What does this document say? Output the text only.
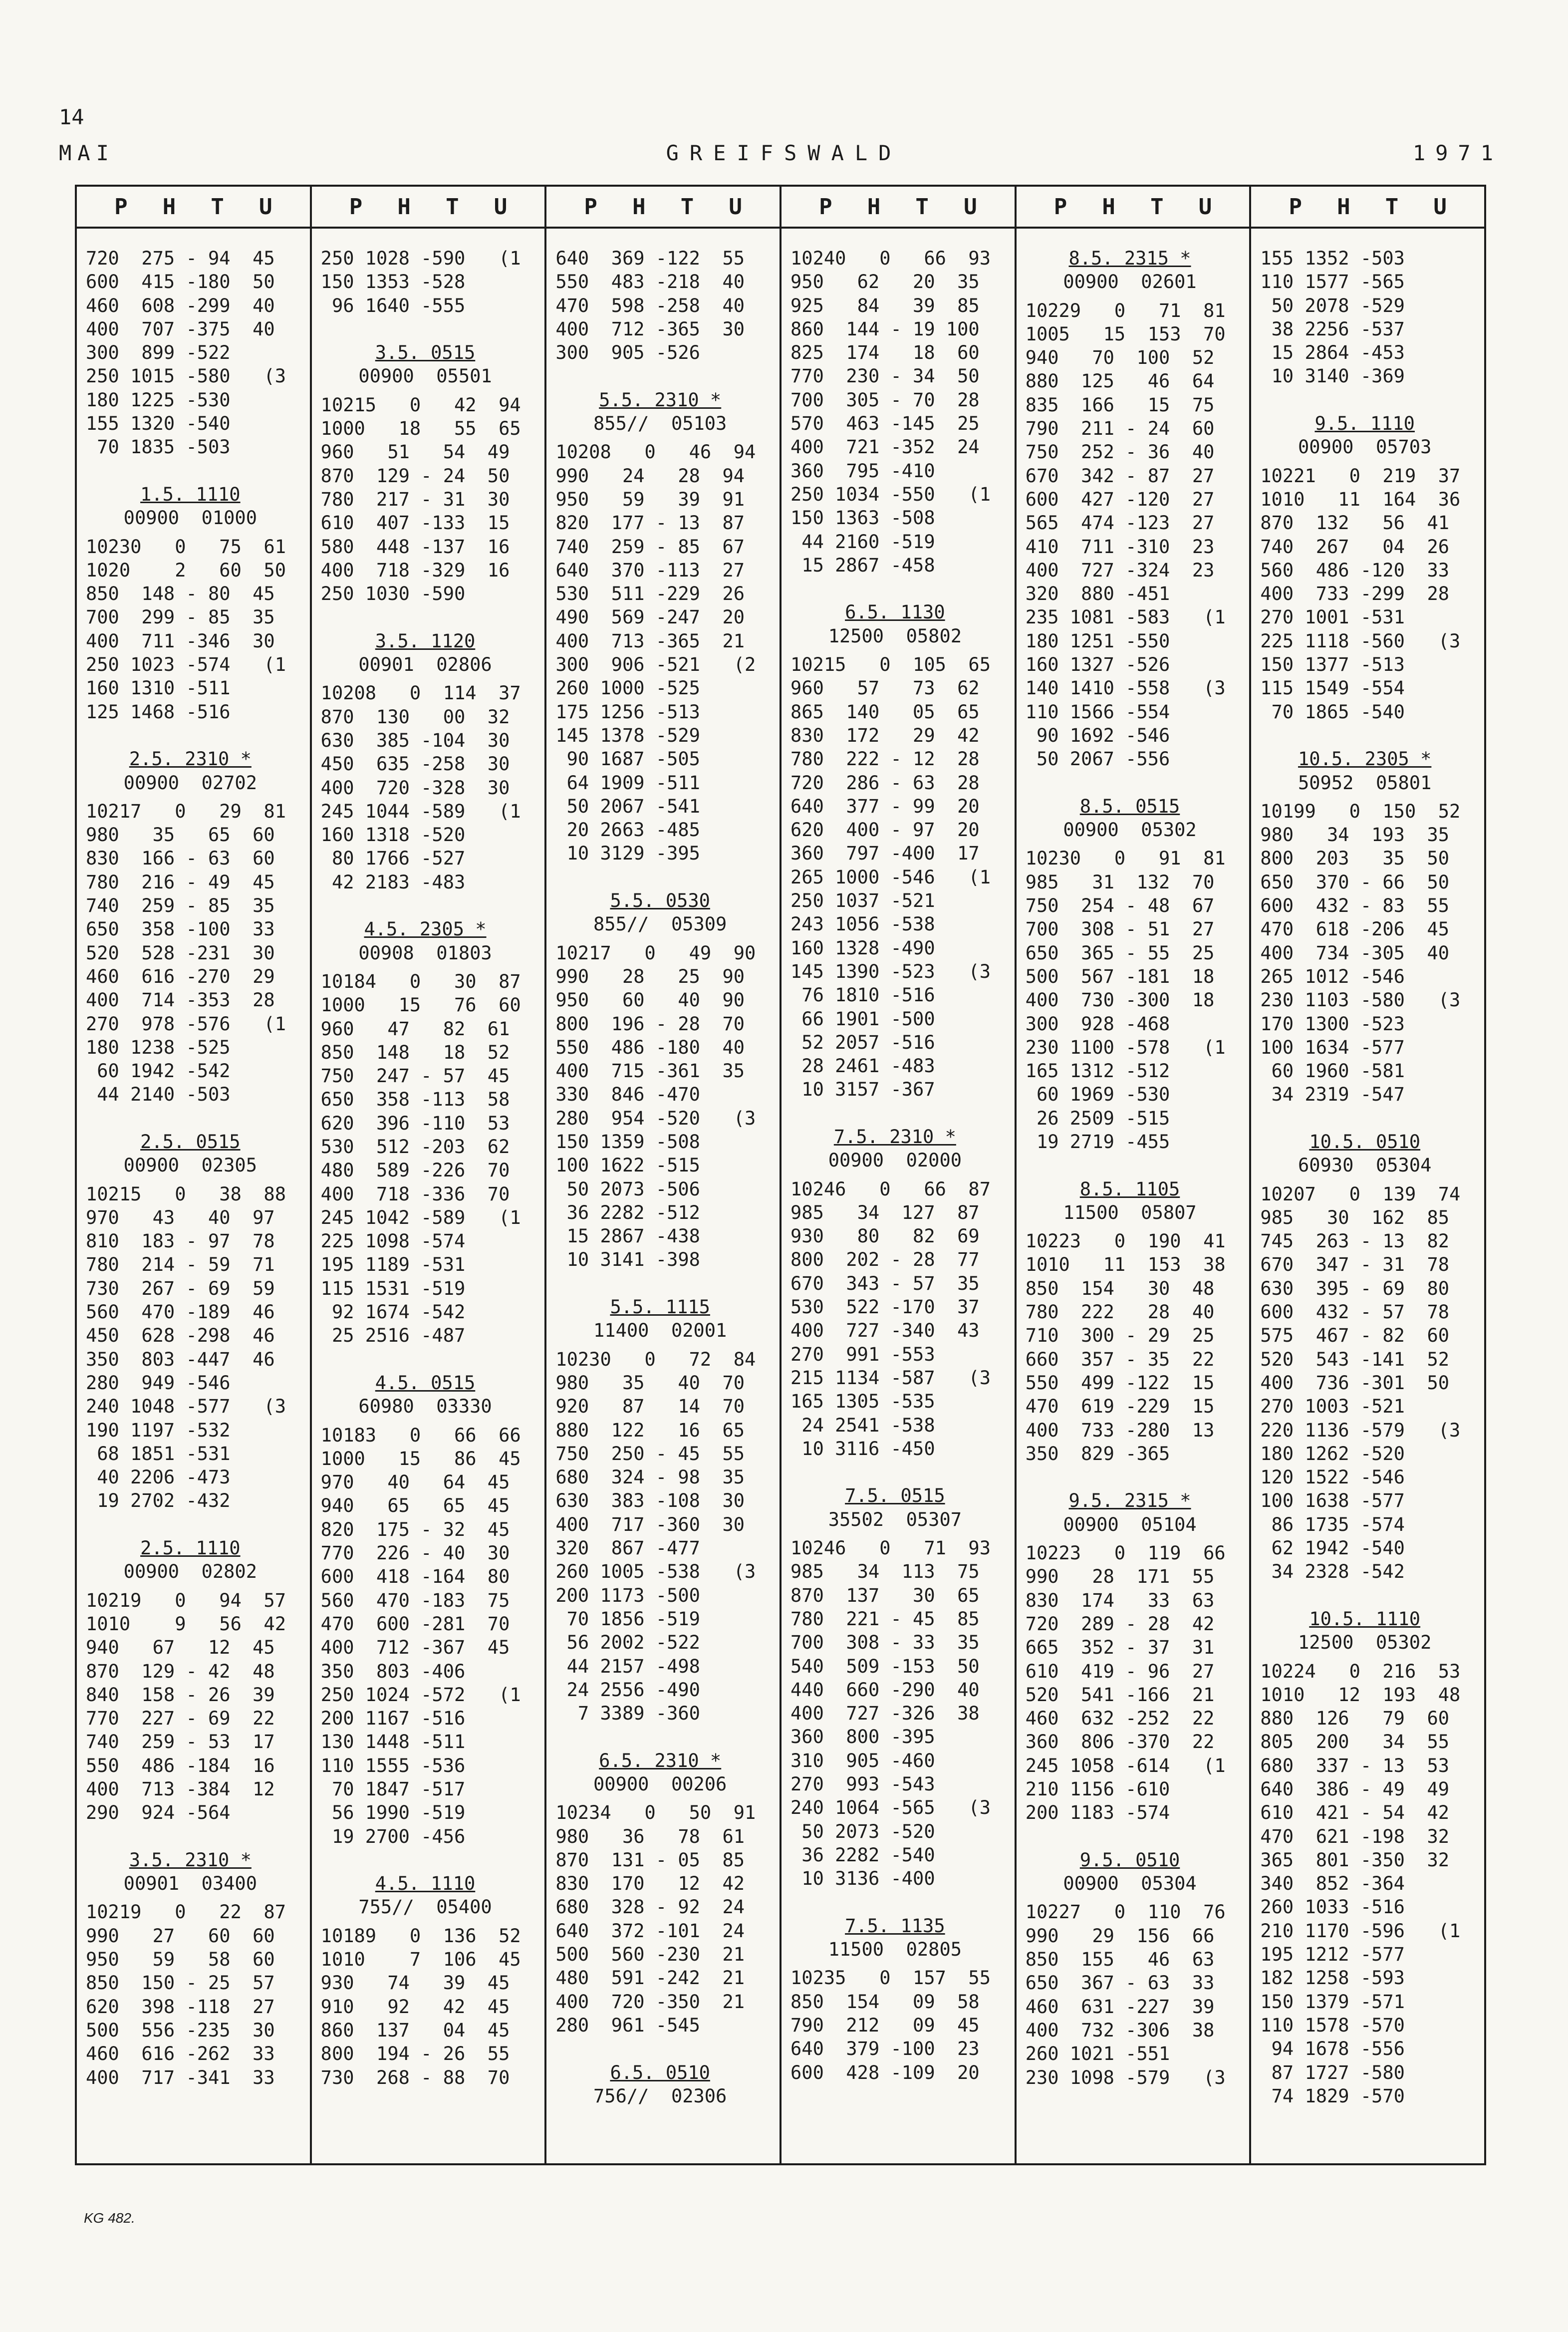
14
MAI	GREIFSWALD	1971
P H T U
720  275 - 94  45
600  415 -180  50
460  608 -299  40
400  707 -375  40
300  899 -522
250 1015 -580   (3
180 1225 -530
155 1320 -540
70 1835 -503
1.5. 1110
00900  01000
10230   0   75  61
1020    2   60  50
850  148 - 80  45
700  299 - 85  35
400  711 -346  30
250 1023 -574   (1
160 1310 -511
125 1468 -516
2.5. 2310 *
00900  02702
10217   0   29  81
980   35   65  60
830  166 - 63  60
780  216 - 49  45
740  259 - 85  35
650  358 -100  33
520  528 -231  30
460  616 -270  29
400  714 -353  28
270  978 -576   (1
180 1238 -525
60 1942 -542
44 2140 -503
2.5. 0515
00900  02305
10215   0   38  88
970   43   40  97
810  183 - 97  78
780  214 - 59  71
730  267 - 69  59
560  470 -189  46
450  628 -298  46
350  803 -447  46
280  949 -546
240 1048 -577   (3
190 1197 -532
68 1851 -531
40 2206 -473
19 2702 -432
2.5. 1110
00900  02802
10219   0   94  57
1010    9   56  42
940   67   12  45
870  129 - 42  48
840  158 - 26  39
770  227 - 69  22
740  259 - 53  17
550  486 -184  16
400  713 -384  12
290  924 -564
3.5. 2310 *
00901  03400
10219   0   22  87
990   27   60  60
950   59   58  60
850  150 - 25  57
620  398 -118  27
500  556 -235  30
460  616 -262  33
400  717 -341  33
P H T U
250 1028 -590   (1
150 1353 -528
96 1640 -555
3.5. 0515
00900  05501
10215   0   42  94
1000   18   55  65
960   51   54  49
870  129 - 24  50
780  217 - 31  30
610  407 -133  15
580  448 -137  16
400  718 -329  16
250 1030 -590
3.5. 1120
00901  02806
10208   0  114  37
870  130   00  32
630  385 -104  30
450  635 -258  30
400  720 -328  30
245 1044 -589   (1
160 1318 -520
80 1766 -527
42 2183 -483
4.5. 2305 *
00908  01803
10184   0   30  87
1000   15   76  60
960   47   82  61
850  148   18  52
750  247 - 57  45
650  358 -113  58
620  396 -110  53
530  512 -203  62
480  589 -226  70
400  718 -336  70
245 1042 -589   (1
225 1098 -574
195 1189 -531
115 1531 -519
92 1674 -542
25 2516 -487
4.5. 0515
60980  03330
10183   0   66  66
1000   15   86  45
970   40   64  45
940   65   65  45
820  175 - 32  45
770  226 - 40  30
600  418 -164  80
560  470 -183  75
470  600 -281  70
400  712 -367  45
350  803 -406
250 1024 -572   (1
200 1167 -516
130 1448 -511
110 1555 -536
70 1847 -517
56 1990 -519
19 2700 -456
4.5. 1110
755//  05400
10189   0  136  52
1010    7  106  45
930   74   39  45
910   92   42  45
860  137   04  45
800  194 - 26  55
730  268 - 88  70
P H T U
640  369 -122  55
550  483 -218  40
470  598 -258  40
400  712 -365  30
300  905 -526
5.5. 2310 *
855//  05103
10208   0   46  94
990   24   28  94
950   59   39  91
820  177 - 13  87
740  259 - 85  67
640  370 -113  27
530  511 -229  26
490  569 -247  20
400  713 -365  21
300  906 -521   (2
260 1000 -525
175 1256 -513
145 1378 -529
90 1687 -505
64 1909 -511
50 2067 -541
20 2663 -485
10 3129 -395
5.5. 0530
855//  05309
10217   0   49  90
990   28   25  90
950   60   40  90
800  196 - 28  70
550  486 -180  40
400  715 -361  35
330  846 -470
280  954 -520   (3
150 1359 -508
100 1622 -515
50 2073 -506
36 2282 -512
15 2867 -438
10 3141 -398
5.5. 1115
11400  02001
10230   0   72  84
980   35   40  70
920   87   14  70
880  122   16  65
750  250 - 45  55
680  324 - 98  35
630  383 -108  30
400  717 -360  30
320  867 -477
260 1005 -538   (3
200 1173 -500
70 1856 -519
56 2002 -522
44 2157 -498
24 2556 -490
7 3389 -360
6.5. 2310 *
00900  00206
10234   0   50  91
980   36   78  61
870  131 - 05  85
830  170   12  42
680  328 - 92  24
640  372 -101  24
500  560 -230  21
480  591 -242  21
400  720 -350  21
280  961 -545
6.5. 0510
756//  02306
P H T U
10240   0   66  93
950   62   20  35
925   84   39  85
860  144 - 19 100
825  174   18  60
770  230 - 34  50
700  305 - 70  28
570  463 -145  25
400  721 -352  24
360  795 -410
250 1034 -550   (1
150 1363 -508
44 2160 -519
15 2867 -458
6.5. 1130
12500  05802
10215   0  105  65
960   57   73  62
865  140   05  65
830  172   29  42
780  222 - 12  28
720  286 - 63  28
640  377 - 99  20
620  400 - 97  20
360  797 -400  17
265 1000 -546   (1
250 1037 -521
243 1056 -538
160 1328 -490
145 1390 -523   (3
76 1810 -516
66 1901 -500
52 2057 -516
28 2461 -483
10 3157 -367
7.5. 2310 *
00900  02000
10246   0   66  87
985   34  127  87
930   80   82  69
800  202 - 28  77
670  343 - 57  35
530  522 -170  37
400  727 -340  43
270  991 -553
215 1134 -587   (3
165 1305 -535
24 2541 -538
10 3116 -450
7.5. 0515
35502  05307
10246   0   71  93
985   34  113  75
870  137   30  65
780  221 - 45  85
700  308 - 33  35
540  509 -153  50
440  660 -290  40
400  727 -326  38
360  800 -395
310  905 -460
270  993 -543
240 1064 -565   (3
50 2073 -520
36 2282 -540
10 3136 -400
7.5. 1135
11500  02805
10235   0  157  55
850  154   09  58
790  212   09  45
640  379 -100  23
600  428 -109  20
P H T U
8.5. 2315 *
00900  02601
10229   0   71  81
1005   15  153  70
940   70  100  52
880  125   46  64
835  166   15  75
790  211 - 24  60
750  252 - 36  40
670  342 - 87  27
600  427 -120  27
565  474 -123  27
410  711 -310  23
400  727 -324  23
320  880 -451
235 1081 -583   (1
180 1251 -550
160 1327 -526
140 1410 -558   (3
110 1566 -554
90 1692 -546
50 2067 -556
8.5. 0515
00900  05302
10230   0   91  81
985   31  132  70
750  254 - 48  67
700  308 - 51  27
650  365 - 55  25
500  567 -181  18
400  730 -300  18
300  928 -468
230 1100 -578   (1
165 1312 -512
60 1969 -530
26 2509 -515
19 2719 -455
8.5. 1105
11500  05807
10223   0  190  41
1010   11  153  38
850  154   30  48
780  222   28  40
710  300 - 29  25
660  357 - 35  22
550  499 -122  15
470  619 -229  15
400  733 -280  13
350  829 -365
9.5. 2315 *
00900  05104
10223   0  119  66
990   28  171  55
830  174   33  63
720  289 - 28  42
665  352 - 37  31
610  419 - 96  27
520  541 -166  21
460  632 -252  22
360  806 -370  22
245 1058 -614   (1
210 1156 -610
200 1183 -574
9.5. 0510
00900  05304
10227   0  110  76
990   29  156  66
850  155   46  63
650  367 - 63  33
460  631 -227  39
400  732 -306  38
260 1021 -551
230 1098 -579   (3
P H T U
155 1352 -503
110 1577 -565
50 2078 -529
38 2256 -537
15 2864 -453
10 3140 -369
9.5. 1110
00900  05703
10221   0  219  37
1010   11  164  36
870  132   56  41
740  267   04  26
560  486 -120  33
400  733 -299  28
270 1001 -531
225 1118 -560   (3
150 1377 -513
115 1549 -554
70 1865 -540
10.5. 2305 *
50952  05801
10199   0  150  52
980   34  193  35
800  203   35  50
650  370 - 66  50
600  432 - 83  55
470  618 -206  45
400  734 -305  40
265 1012 -546
230 1103 -580   (3
170 1300 -523
100 1634 -577
60 1960 -581
34 2319 -547
10.5. 0510
60930  05304
10207   0  139  74
985   30  162  85
745  263 - 13  82
670  347 - 31  78
630  395 - 69  80
600  432 - 57  78
575  467 - 82  60
520  543 -141  52
400  736 -301  50
270 1003 -521
220 1136 -579   (3
180 1262 -520
120 1522 -546
100 1638 -577
86 1735 -574
62 1942 -540
34 2328 -542
10.5. 1110
12500  05302
10224   0  216  53
1010   12  193  48
880  126   79  60
805  200   34  55
680  337 - 13  53
640  386 - 49  49
610  421 - 54  42
470  621 -198  32
365  801 -350  32
340  852 -364
260 1033 -516
210 1170 -596   (1
195 1212 -577
182 1258 -593
150 1379 -571
110 1578 -570
94 1678 -556
87 1727 -580
74 1829 -570
KG 482.
